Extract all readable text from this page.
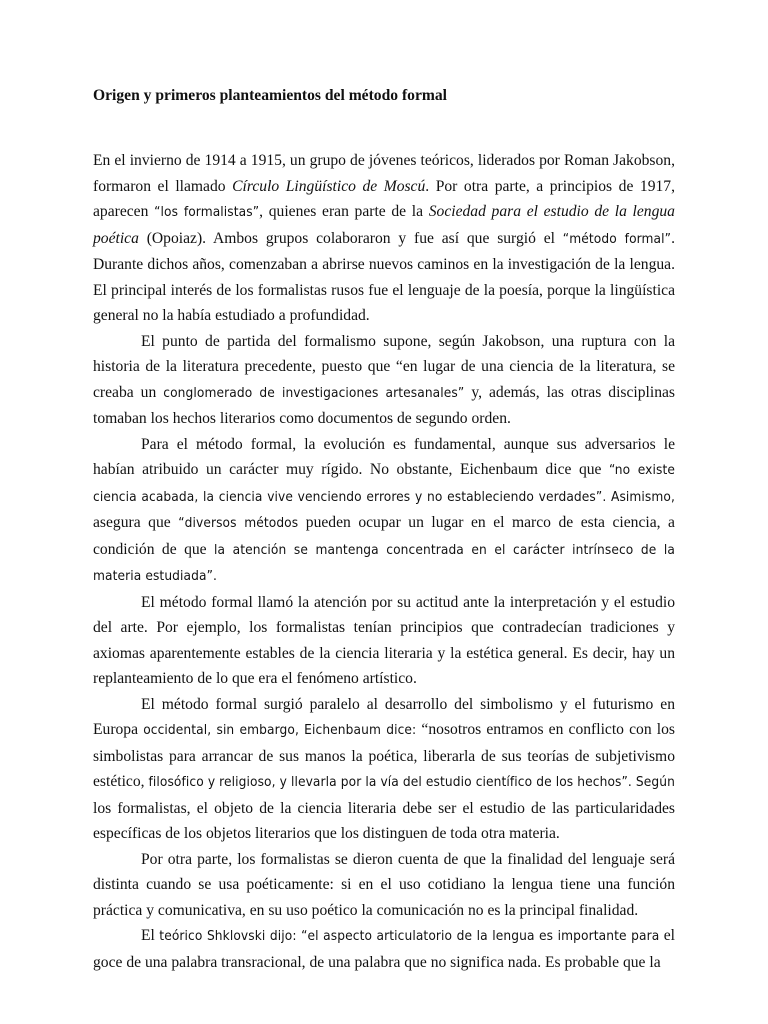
Origen y primeros planteamientos del método formal

En el invierno de 1914 a 1915, un grupo de jóvenes teóricos, liderados por Roman Jakobson, formaron el llamado Círculo Lingüístico de Moscú. Por otra parte, a principios de 1917, aparecen “los formalistas”, quienes eran parte de la Sociedad para el estudio de la lengua poética (Opoiaz). Ambos grupos colaboraron y fue así que surgió el “método formal”. Durante dichos años, comenzaban a abrirse nuevos caminos en la investigación de la lengua. El principal interés de los formalistas rusos fue el lenguaje de la poesía, porque la lingüística general no la había estudiado a profundidad.

El punto de partida del formalismo supone, según Jakobson, una ruptura con la historia de la literatura precedente, puesto que “en lugar de una ciencia de la literatura, se creaba un conglomerado de investigaciones artesanales” y, además, las otras disciplinas tomaban los hechos literarios como documentos de segundo orden.

Para el método formal, la evolución es fundamental, aunque sus adversarios le habían atribuido un carácter muy rígido. No obstante, Eichenbaum dice que “no existe ciencia acabada, la ciencia vive venciendo errores y no estableciendo verdades”. Asimismo, asegura que “diversos métodos pueden ocupar un lugar en el marco de esta ciencia, a condición de que la atención se mantenga concentrada en el carácter intrínseco de la materia estudiada”.

El método formal llamó la atención por su actitud ante la interpretación y el estudio del arte. Por ejemplo, los formalistas tenían principios que contradecían tradiciones y axiomas aparentemente estables de la ciencia literaria y la estética general. Es decir, hay un replanteamiento de lo que era el fenómeno artístico.

El método formal surgió paralelo al desarrollo del simbolismo y el futurismo en Europa occidental, sin embargo, Eichenbaum dice: “nosotros entramos en conflicto con los simbolistas para arrancar de sus manos la poética, liberarla de sus teorías de subjetivismo estético, filosófico y religioso, y llevarla por la vía del estudio científico de los hechos”. Según los formalistas, el objeto de la ciencia literaria debe ser el estudio de las particularidades específicas de los objetos literarios que los distinguen de toda otra materia.

Por otra parte, los formalistas se dieron cuenta de que la finalidad del lenguaje será distinta cuando se usa poéticamente: si en el uso cotidiano la lengua tiene una función práctica y comunicativa, en su uso poético la comunicación no es la principal finalidad.

El teórico Shklovski dijo: “el aspecto articulatorio de la lengua es importante para el goce de una palabra transracional, de una palabra que no significa nada. Es probable que la
